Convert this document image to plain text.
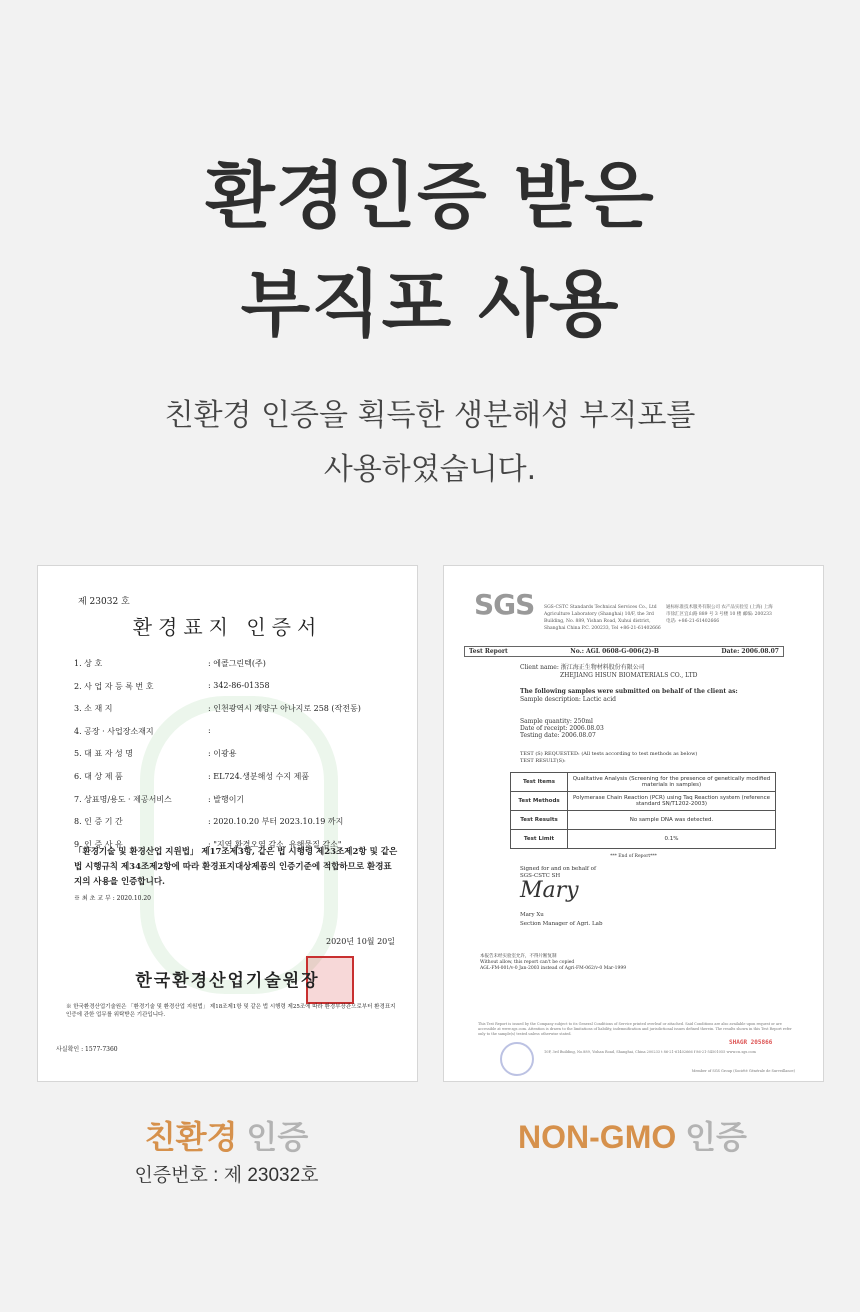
환경인증 받은
부직포 사용
친환경 인증을 획득한 생분해성 부직포를
사용하였습니다.
제 23032 호
환경표지 인증서
1. 상 호	: 에콜그린텍(주)
2. 사 업 자 등 록 번 호	: 342-86-01358
3. 소 재 지	: 인천광역시 계양구 아나지로 258 (작전동)
4. 공장 · 사업장소재지	:
5. 대 표 자 성 명	: 이광용
6. 대 상 제 품	: EL724.생분해성 수지 제품
7. 상표명/용도 · 제공서비스	: 발행이기
8. 인 증 기 간	: 2020.10.20 부터 2023.10.19 까지
9. 인 증 사 유	: "지역 환경오염 감소, 유해물질 감소"
「환경기술 및 환경산업 지원법」 제17조제3항, 같은 법 시행령 제23조제2항 및 같은 법 시행규칙 제34조제2항에 따라 환경표지대상제품의 인증기준에 적합하므로 환경표지의 사용을 인증합니다.
※ 최 초 교 부 : 2020.10.20
2020년 10월 20일
한국환경산업기술원장
※ 한국환경산업기술원은 「환경기술 및 환경산업 지원법」 제18조제1항 및 같은 법 시행령 제25조에 따라 환경부장관으로부터 환경표지 인증에 관한 업무를 위탁받은 기관입니다.
사실확인 : 1577-7360
SGS SGS-CSTC Standards Technical Services Co., Ltd Agriculture Laboratory (Shanghai) 10/F, the 3rd Building, No. 889, Yishan Road, Xuhui district, Shanghai China P.C. 200233, Tel +86-21-61402666
通标标准技术服务有限公司 农产品实验室 (上海) 上海市徐汇区宜山路 889 号 3 号楼 10 楼 邮编: 200233 电话: +86-21-61402666
Test Report	No.: AGL 0608-G-006(2)-B	Date: 2006.08.07
Client name: 浙江海正生物材料股份有限公司
ZHEJIANG HISUN BIOMATERIALS CO., LTD
The following samples were submitted on behalf of the client as:
Sample description: Lactic acid
Sample quantity: 250ml
Date of receipt: 2006.08.03
Testing date: 2006.08.07
TEST (S) REQUESTED: (All tests according to test methods as below)
TEST RESULT(S):
Test Items	Qualitative Analysis (Screening for the presence of genetically modified materials in samples)
Test Methods	Polymerase Chain Reaction (PCR) using Taq Reaction system (reference standard SN/T1202-2003)
Test Results	No sample DNA was detected.
Test Limit	0.1%
*** End of Report***
Signed for and on behalf of
SGS-CSTC SH
Mary
Mary Xu
Section Manager of Agri. Lab
本报告未经实验室允许，不得片断复制
Without allow, this report can't be copied
AGL-FM-001/v-0 Jan-2003 instead of Agri-FM-062/v-0 Mar-1999
This Test Report is issued by the Company subject to its General Conditions of Service printed overleaf or attached. Said Conditions are also available upon request or are accessible at www.sgs.com. Attention is drawn to the limitations of liability, indemnification and jurisdictional issues defined therein. The results shown in this Test Report refer only to the sample(s) tested unless otherwise stated.
SHAGR 205866
10F, 3rd Building, No.889, Yishan Road, Shanghai, China 200233 t 86-21-61402666 f 86-21-54501055 www.cn.sgs.com
Member of SGS Group (Société Générale de Surveillance)
친환경 인증
인증번호 : 제 23032호
NON-GMO 인증
